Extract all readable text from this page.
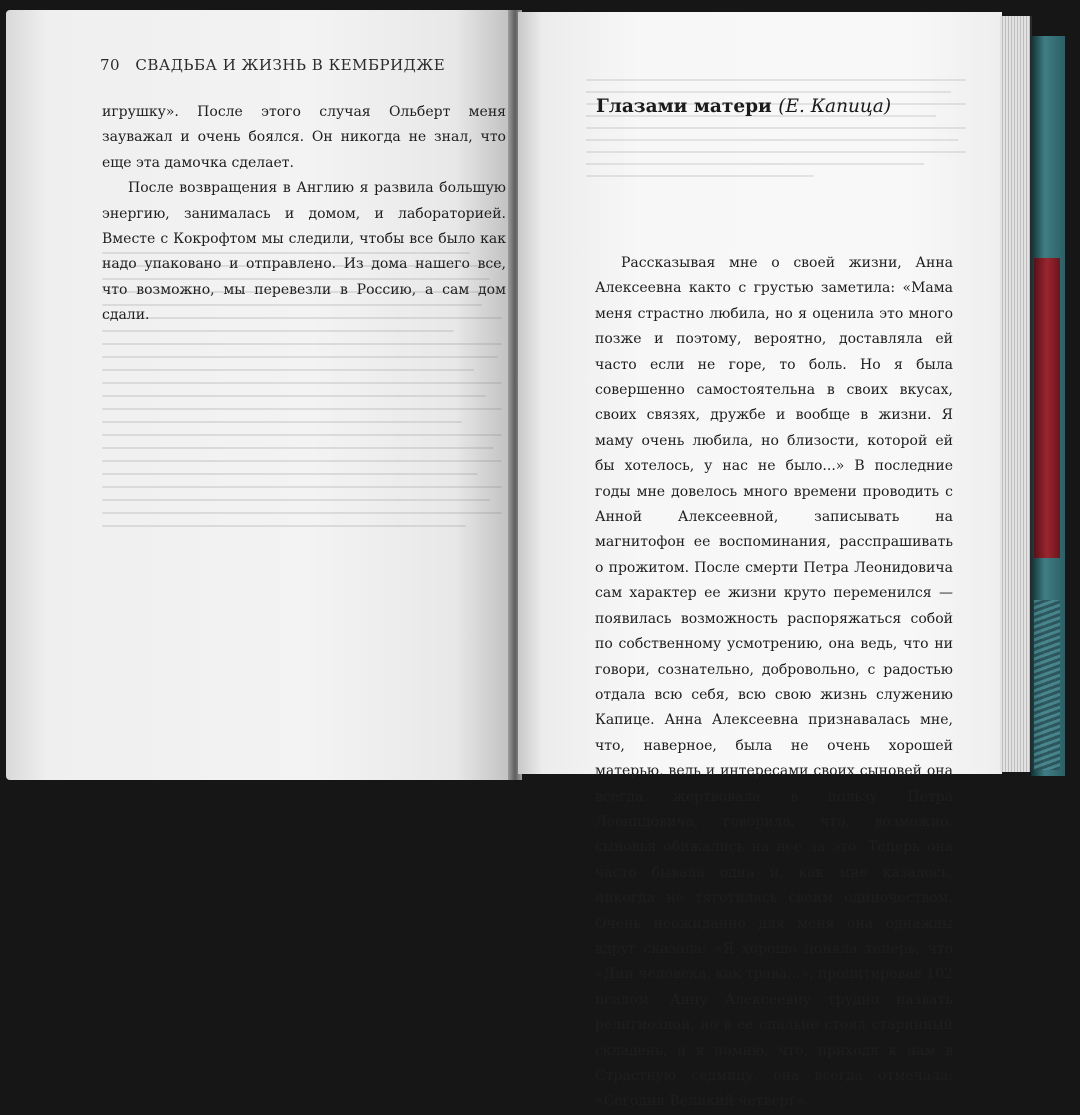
70 СВАДЬБА И ЖИЗНЬ В КЕМБРИДЖЕ

игрушку». После этого случая Ольберт меня зауважал и очень боялся. Он никогда не знал, что еще эта дамочка сделает.

После возвращения в Англию я развила большую энергию, занималась и домом, и лабораторией. Вместе с Кокрофтом мы следили, чтобы все было как надо упаковано и отправлено. Из дома нашего все, что возможно, мы перевезли в Россию, а сам дом сдали.

Глазами матери (Е. Капица)

Рассказывая мне о своей жизни, Анна Алексеевна както с грустью заметила: «Мама меня страстно любила, но я оценила это много позже и поэтому, вероятно, доставляла ей часто если не горе, то боль. Но я была совершенно самостоятельна в своих вкусах, своих связях, дружбе и вообще в жизни. Я маму очень любила, но близости, которой ей бы хотелось, у нас не было...» В последние годы мне довелось много времени проводить с Анной Алексеевной, записывать на магнитофон ее воспоминания, расспрашивать о прожитом. После смерти Петра Леонидовича сам характер ее жизни круто переменился — появилась возможность распоряжаться собой по собственному усмотрению, она ведь, что ни говори, сознательно, добровольно, с радостью отдала всю себя, всю свою жизнь служению Капице. Анна Алексеевна признавалась мне, что, наверное, была не очень хорошей матерью, ведь и интересами своих сыновей она всегда жертвовала в пользу Петра Леонидовича, говорила, что, возможно, сыновья обижались на нее за это. Теперь она часто бывала одна и, как мне казалось, никогда не тяготилась своим одиночеством. Очень неожиданно для меня она однажды вдруг сказала: «Я хорошо поняла теперь, что «Дни человека, как трава...», процитировав 102 псалом. Анну Алексеевну трудно назвать религиозной, но в ее спальне стоял старинный складень, и я помню, что, приходя к нам в Страстную седмицу, она всегда отмечала: «Сегодня Великий четверг».
